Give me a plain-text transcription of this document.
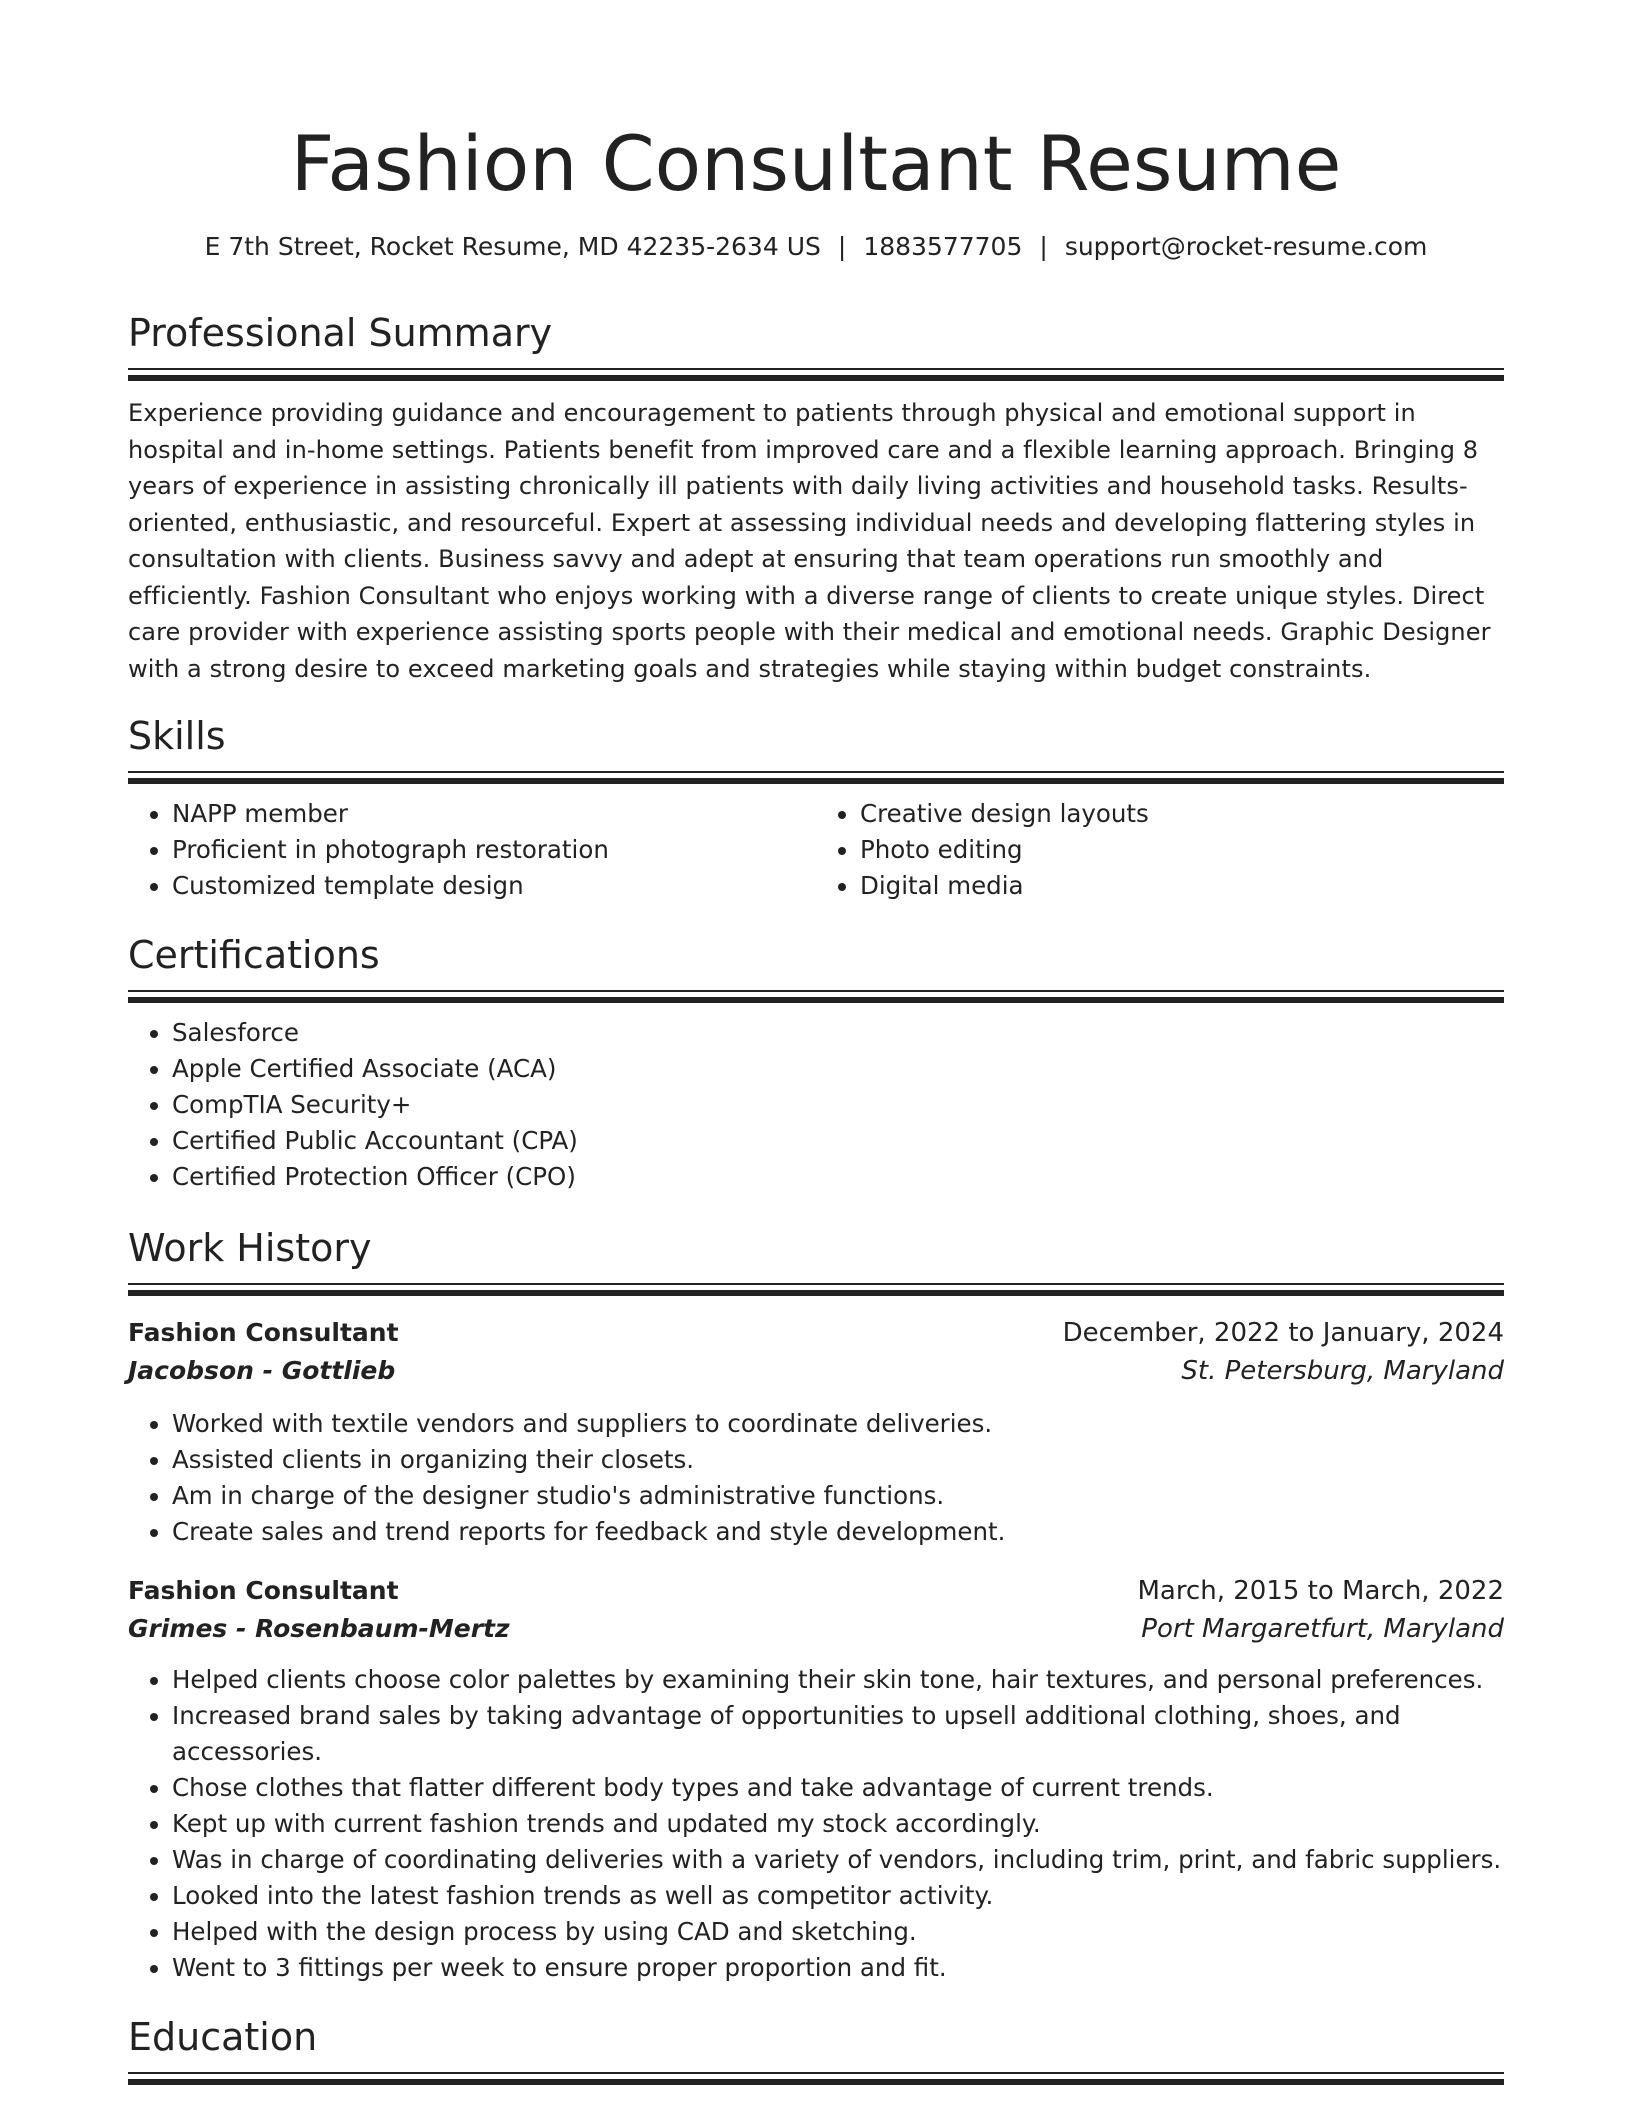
Fashion Consultant Resume
E 7th Street, Rocket Resume, MD 42235-2634 US | 1883577705 | support@rocket-resume.com
Professional Summary
Experience providing guidance and encouragement to patients through physical and emotional support in hospital and in-home settings. Patients benefit from improved care and a flexible learning approach. Bringing 8 years of experience in assisting chronically ill patients with daily living activities and household tasks. Results-oriented, enthusiastic, and resourceful. Expert at assessing individual needs and developing flattering styles in consultation with clients. Business savvy and adept at ensuring that team operations run smoothly and efficiently. Fashion Consultant who enjoys working with a diverse range of clients to create unique styles. Direct care provider with experience assisting sports people with their medical and emotional needs. Graphic Designer with a strong desire to exceed marketing goals and strategies while staying within budget constraints.
Skills
• NAPP member
• Proficient in photograph restoration
• Customized template design
• Creative design layouts
• Photo editing
• Digital media
Certifications
• Salesforce
• Apple Certified Associate (ACA)
• CompTIA Security+
• Certified Public Accountant (CPA)
• Certified Protection Officer (CPO)
Work History
Fashion Consultant	December, 2022 to January, 2024
Jacobson - Gottlieb	St. Petersburg, Maryland
• Worked with textile vendors and suppliers to coordinate deliveries.
• Assisted clients in organizing their closets.
• Am in charge of the designer studio's administrative functions.
• Create sales and trend reports for feedback and style development.
Fashion Consultant	March, 2015 to March, 2022
Grimes - Rosenbaum-Mertz	Port Margaretfurt, Maryland
• Helped clients choose color palettes by examining their skin tone, hair textures, and personal preferences.
• Increased brand sales by taking advantage of opportunities to upsell additional clothing, shoes, and accessories.
• Chose clothes that flatter different body types and take advantage of current trends.
• Kept up with current fashion trends and updated my stock accordingly.
• Was in charge of coordinating deliveries with a variety of vendors, including trim, print, and fabric suppliers.
• Looked into the latest fashion trends as well as competitor activity.
• Helped with the design process by using CAD and sketching.
• Went to 3 fittings per week to ensure proper proportion and fit.
Education
